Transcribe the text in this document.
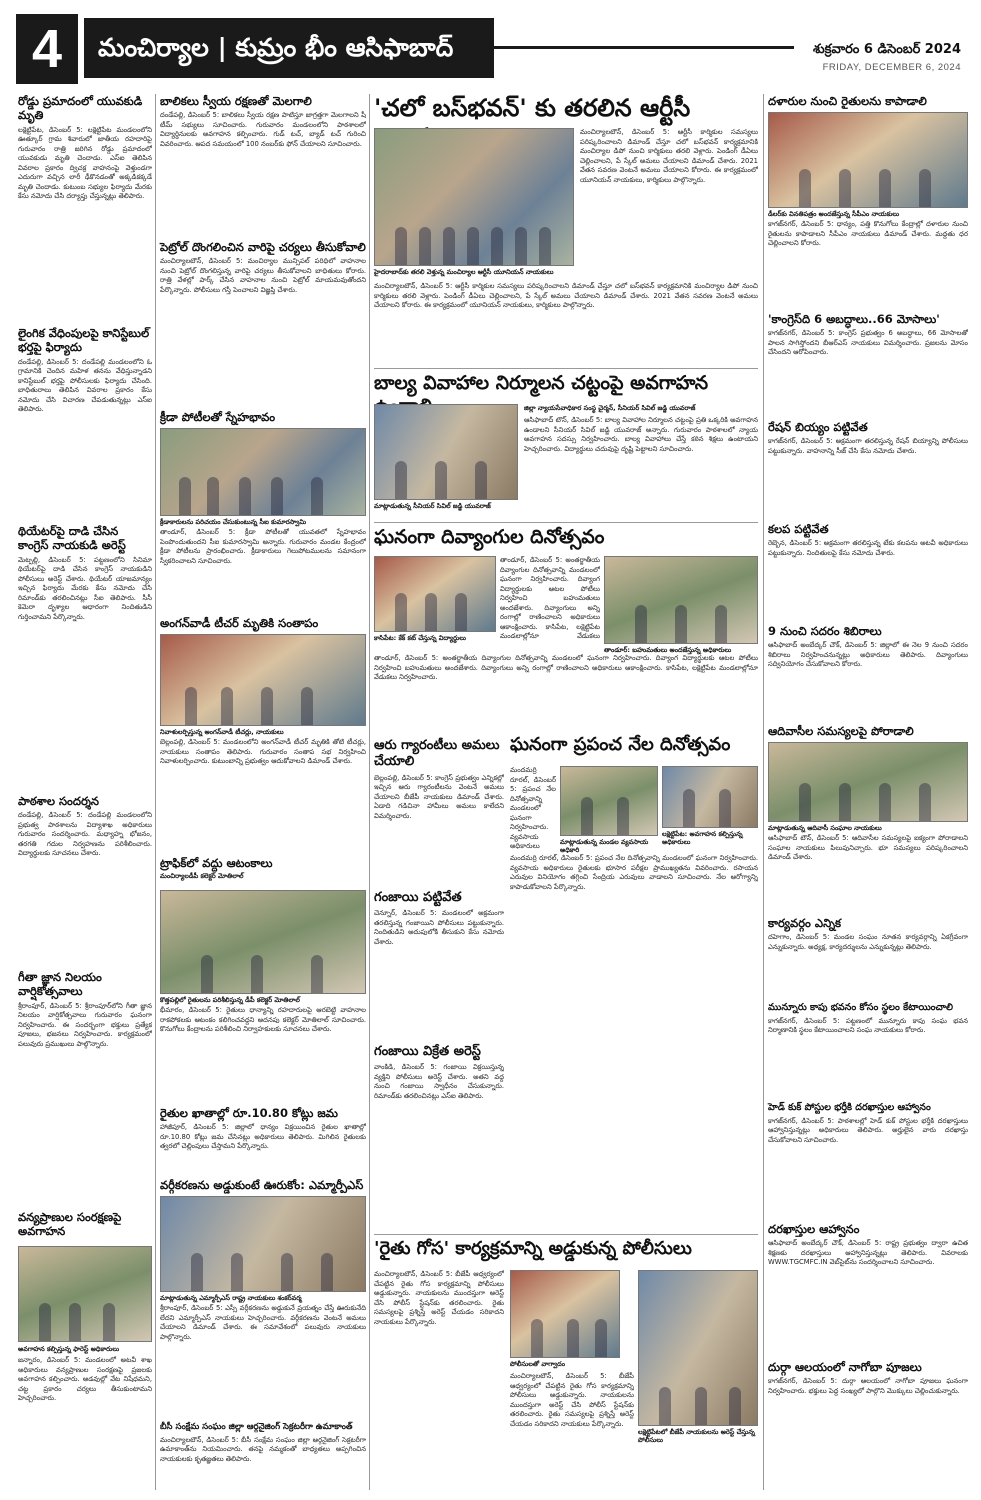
4	మంచిర్యాల | కుమ్రం భీం ఆసిఫాబాద్	శుక్రవారం 6 డిసెంబర్ 2024
FRIDAY, DECEMBER 6, 2024
రోడ్డు ప్రమాదంలో యువకుడి మృతి
లక్షెట్టిపేట, డిసెంబర్ 5: లక్షెట్టిపేట మండలంలోని ఊత్కూర్ గ్రామ శివారులో జాతీయ రహదారిపై గురువారం రాత్రి జరిగిన రోడ్డు ప్రమాదంలో యువకుడు మృతి చెందాడు. ఎస్ఐ తెలిపిన వివరాల ప్రకారం ద్విచక్ర వాహనంపై వెళ్తుండగా ఎదురుగా వచ్చిన లారీ ఢీకొనడంతో అక్కడికక్కడే మృతి చెందాడు. కుటుంబ సభ్యుల ఫిర్యాదు మేరకు కేసు నమోదు చేసి దర్యాప్తు చేస్తున్నట్లు తెలిపారు.
లైంగిక వేధింపులపై కానిస్టేబుల్ భర్తపై ఫిర్యాదు
దండేపల్లి, డిసెంబర్ 5: దండేపల్లి మండలంలోని ఓ గ్రామానికి చెందిన మహిళ తనను వేధిస్తున్నాడని కానిస్టేబుల్ భర్తపై పోలీసులకు ఫిర్యాదు చేసింది. బాధితురాలు తెలిపిన వివరాల ప్రకారం కేసు నమోదు చేసి విచారణ చేపడుతున్నట్లు ఎస్ఐ తెలిపారు.
థియేటర్‌పై దాడి చేసిన కాంగ్రెస్ నాయకుడి అరెస్ట్
మెట్పల్లి, డిసెంబర్ 5: పట్టణంలోని సినిమా థియేటర్‌పై దాడి చేసిన కాంగ్రెస్ నాయకుడిని పోలీసులు అరెస్ట్ చేశారు. థియేటర్ యాజమాన్యం ఇచ్చిన ఫిర్యాదు మేరకు కేసు నమోదు చేసి రిమాండ్‌కు తరలించినట్లు సీఐ తెలిపారు. సీసీ కెమెరా దృశ్యాల ఆధారంగా నిందితుడిని గుర్తించామని పేర్కొన్నారు.
పాఠశాల సందర్శన
దండేపల్లి, డిసెంబర్ 5: దండేపల్లి మండలంలోని ప్రభుత్వ పాఠశాలను విద్యాశాఖ అధికారులు గురువారం సందర్శించారు. మధ్యాహ్న భోజనం, తరగతి గదుల నిర్వహణను పరిశీలించారు. విద్యార్థులకు సూచనలు చేశారు.
గీతా జ్ఞాన నిలయం వార్షికోత్సవాలు
శ్రీరాంపూర్, డిసెంబర్ 5: శ్రీరాంపూర్‌లోని గీతా జ్ఞాన నిలయం వార్షికోత్సవాలు గురువారం ఘనంగా నిర్వహించారు. ఈ సందర్భంగా భక్తులు ప్రత్యేక పూజలు, భజనలు నిర్వహించారు. కార్యక్రమంలో పలువురు ప్రముఖులు పాల్గొన్నారు.
వన్యప్రాణుల సంరక్షణపై అవగాహన
అవగాహన కల్పిస్తున్న ఫారెస్ట్ అధికారులు
జన్నారం, డిసెంబర్ 5: మండలంలో అటవీ శాఖ అధికారులు వన్యప్రాణుల సంరక్షణపై ప్రజలకు అవగాహన కల్పించారు. అడవుల్లో వేట నిషేధమని, చట్ట ప్రకారం చర్యలు తీసుకుంటామని హెచ్చరించారు.
బాలికలు స్వీయ రక్షణతో మెలగాలి
దండేపల్లి, డిసెంబర్ 5: బాలికలు స్వీయ రక్షణ పాటిస్తూ జాగ్రత్తగా మెలగాలని షీ టీమ్ సభ్యులు సూచించారు. గురువారం మండలంలోని పాఠశాలలో విద్యార్థినులకు అవగాహన కల్పించారు. గుడ్ టచ్, బ్యాడ్ టచ్ గురించి వివరించారు. ఆపద సమయంలో 100 నంబర్‌కు ఫోన్ చేయాలని సూచించారు.
పెట్రోల్ దొంగలించిన వారిపై చర్యలు తీసుకోవాలి
మంచిర్యాలటౌన్, డిసెంబర్ 5: మంచిర్యాల మున్సిపల్ పరిధిలో వాహనాల నుంచి పెట్రోల్ దొంగలిస్తున్న వారిపై చర్యలు తీసుకోవాలని బాధితులు కోరారు. రాత్రి వేళల్లో పార్క్ చేసిన వాహనాల నుంచి పెట్రోల్ మాయమవుతోందని పేర్కొన్నారు. పోలీసులు గస్తీ పెంచాలని విజ్ఞప్తి చేశారు.
క్రీడా పోటీలతో స్నేహభావం
క్రీడాకారులను పరిచయం చేసుకుంటున్న సీఐ కుమారస్వామి
తాండూర్, డిసెంబర్ 5: క్రీడా పోటీలతో యువతలో స్నేహభావం పెంపొందుతుందని సీఐ కుమారస్వామి అన్నారు. గురువారం మండల కేంద్రంలో క్రీడా పోటీలను ప్రారంభించారు. క్రీడాకారులు గెలుపోటములను సమానంగా స్వీకరించాలని సూచించారు.
అంగన్‌వాడీ టీచర్ మృతికి సంతాపం
నివాళులర్పిస్తున్న అంగన్‌వాడీ టీచర్లు, నాయకులు
బెల్లంపల్లి, డిసెంబర్ 5: మండలంలోని అంగన్‌వాడీ టీచర్ మృతికి తోటి టీచర్లు, నాయకులు సంతాపం తెలిపారు. గురువారం సంతాప సభ నిర్వహించి నివాళులర్పించారు. కుటుంబాన్ని ప్రభుత్వం ఆదుకోవాలని డిమాండ్ చేశారు.
ట్రాఫిక్‌లో వద్దు ఆటంకాలు
మంచిర్యాలడీపీ కలెక్టర్ మోతిలాల్
కొత్తపల్లిలో రైతులను పరిశీలిస్తున్న డీపీ కలెక్టర్ మోతిలాల్
భీమారం, డిసెంబర్ 5: రైతులు ధాన్యాన్ని రహదారులపై ఆరబెట్టి వాహనాల రాకపోకలకు ఆటంకం కలిగించవద్దని అదనపు కలెక్టర్ మోతిలాల్ సూచించారు. కొనుగోలు కేంద్రాలను పరిశీలించి నిర్వాహకులకు సూచనలు చేశారు.
రైతుల ఖాతాల్లో రూ.10.80 కోట్లు జమ
హాజీపూర్, డిసెంబర్ 5: జిల్లాలో ధాన్యం విక్రయించిన రైతుల ఖాతాల్లో రూ.10.80 కోట్లు జమ చేసినట్లు అధికారులు తెలిపారు. మిగిలిన రైతులకు త్వరలో చెల్లింపులు చేస్తామని పేర్కొన్నారు.
వర్గీకరణను అడ్డుకుంటే ఊరుకోం: ఎమ్మార్పీఎస్
మాట్లాడుతున్న ఎమ్మార్పీఎస్ రాష్ట్ర నాయకులు శంకర్‌వర్మ
శ్రీరాంపూర్, డిసెంబర్ 5: ఎస్సీ వర్గీకరణను అడ్డుకునే ప్రయత్నం చేస్తే ఊరుకునేది లేదని ఎమ్మార్పీఎస్ నాయకులు హెచ్చరించారు. వర్గీకరణను వెంటనే అమలు చేయాలని డిమాండ్ చేశారు. ఈ సమావేశంలో పలువురు నాయకులు పాల్గొన్నారు.
బీసీ సంక్షేమ సంఘం జిల్లా ఆర్గనైజింగ్ సెక్రటరీగా ఉమాకాంత్
మంచిర్యాలటౌన్, డిసెంబర్ 5: బీసీ సంక్షేమ సంఘం జిల్లా ఆర్గనైజింగ్ సెక్రటరీగా ఉమాకాంత్‌ను నియమించారు. తనపై నమ్మకంతో బాధ్యతలు అప్పగించిన నాయకులకు కృతజ్ఞతలు తెలిపారు.
'చలో బస్‌భవన్' కు తరలిన ఆర్టీసీ
హైదరాబాద్‌కు తరలి వెళ్తున్న మంచిర్యాల ఆర్టీసీ యూనియన్ నాయకులు
మంచిర్యాలటౌన్, డిసెంబర్ 5: ఆర్టీసీ కార్మికుల సమస్యలు పరిష్కరించాలని డిమాండ్ చేస్తూ చలో బస్‌భవన్ కార్యక్రమానికి మంచిర్యాల డిపో నుంచి కార్మికులు తరలి వెళ్లారు. పెండింగ్ డీఏలు చెల్లించాలని, పే స్కేల్ అమలు చేయాలని డిమాండ్ చేశారు. 2021 వేతన సవరణ వెంటనే అమలు చేయాలని కోరారు. ఈ కార్యక్రమంలో యూనియన్ నాయకులు, కార్మికులు పాల్గొన్నారు.
మంచిర్యాలటౌన్, డిసెంబర్ 5: ఆర్టీసీ కార్మికుల సమస్యలు పరిష్కరించాలని డిమాండ్ చేస్తూ చలో బస్‌భవన్ కార్యక్రమానికి మంచిర్యాల డిపో నుంచి కార్మికులు తరలి వెళ్లారు. పెండింగ్ డీఏలు చెల్లించాలని, పే స్కేల్ అమలు చేయాలని డిమాండ్ చేశారు. 2021 వేతన సవరణ వెంటనే అమలు చేయాలని కోరారు. ఈ కార్యక్రమంలో యూనియన్ నాయకులు, కార్మికులు పాల్గొన్నారు.
బాల్య వివాహాల నిర్మూలన చట్టంపై అవగాహన
మాట్లాడుతున్న సీనియర్ సివిల్ జడ్జి యువరాజ్
జిల్లా న్యాయసేవాధికార సంస్థ చైర్మన్, సీనియర్ సివిల్ జడ్జి యువరాజ్
ఆసిఫాబాద్ టౌన్, డిసెంబర్ 5: బాల్య వివాహాల నిర్మూలన చట్టంపై ప్రతి ఒక్కరికి అవగాహన ఉండాలని సీనియర్ సివిల్ జడ్జి యువరాజ్ అన్నారు. గురువారం పాఠశాలలో న్యాయ అవగాహన సదస్సు నిర్వహించారు. బాల్య వివాహాలు చేస్తే కఠిన శిక్షలు ఉంటాయని హెచ్చరించారు. విద్యార్థులు చదువుపై దృష్టి పెట్టాలని సూచించారు.
ఘనంగా దివ్యాంగుల దినోత్సవం
కాసిపేట: కేక్ కట్ చేస్తున్న విద్యార్థులు
తాండూర్: బహుమతులు అందజేస్తున్న అధికారులు
తాండూర్, డిసెంబర్ 5: అంతర్జాతీయ దివ్యాంగుల దినోత్సవాన్ని మండలంలో ఘనంగా నిర్వహించారు. దివ్యాంగ విద్యార్థులకు ఆటల పోటీలు నిర్వహించి బహుమతులు అందజేశారు. దివ్యాంగులు అన్ని రంగాల్లో రాణించాలని అధికారులు ఆకాంక్షించారు. కాసిపేట, లక్షెట్టిపేట మండలాల్లోనూ వేడుకలు
తాండూర్, డిసెంబర్ 5: అంతర్జాతీయ దివ్యాంగుల దినోత్సవాన్ని మండలంలో ఘనంగా నిర్వహించారు. దివ్యాంగ విద్యార్థులకు ఆటల పోటీలు నిర్వహించి బహుమతులు అందజేశారు. దివ్యాంగులు అన్ని రంగాల్లో రాణించాలని అధికారులు ఆకాంక్షించారు. కాసిపేట, లక్షెట్టిపేట మండలాల్లోనూ వేడుకలు నిర్వహించారు.
ఆరు గ్యారంటీలు అమలు చేయాలి
బెల్లంపల్లి, డిసెంబర్ 5: కాంగ్రెస్ ప్రభుత్వం ఎన్నికల్లో ఇచ్చిన ఆరు గ్యారంటీలను వెంటనే అమలు చేయాలని బీజేపీ నాయకులు డిమాండ్ చేశారు. ఏడాది గడిచినా హామీలు అమలు కాలేదని విమర్శించారు.
గంజాయి పట్టివేత
చెన్నూర్, డిసెంబర్ 5: మండలంలో అక్రమంగా తరలిస్తున్న గంజాయిని పోలీసులు పట్టుకున్నారు. నిందితుడిని అదుపులోకి తీసుకుని కేసు నమోదు చేశారు.
గంజాయి విక్రేత అరెస్ట్
వాంకిడి, డిసెంబర్ 5: గంజాయి విక్రయిస్తున్న వ్యక్తిని పోలీసులు అరెస్ట్ చేశారు. అతని వద్ద నుంచి గంజాయి స్వాధీనం చేసుకున్నారు. రిమాండ్‌కు తరలించినట్లు ఎస్ఐ తెలిపారు.
ఘనంగా ప్రపంచ నేల దినోత్సవం
మాట్లాడుతున్న మండల వ్యవసాయ అధికారి
లక్షెట్టిపేట: అవగాహన కల్పిస్తున్న అధికారులు
మందమర్రి రూరల్, డిసెంబర్ 5: ప్రపంచ నేల దినోత్సవాన్ని మండలంలో ఘనంగా నిర్వహించారు. వ్యవసాయ అధికారులు
మందమర్రి రూరల్, డిసెంబర్ 5: ప్రపంచ నేల దినోత్సవాన్ని మండలంలో ఘనంగా నిర్వహించారు. వ్యవసాయ అధికారులు రైతులకు భూసార పరీక్షల ప్రాముఖ్యతను వివరించారు. రసాయన ఎరువుల వినియోగం తగ్గించి సేంద్రియ ఎరువులు వాడాలని సూచించారు. నేల ఆరోగ్యాన్ని కాపాడుకోవాలని పేర్కొన్నారు.
'రైతు గోస' కార్యక్రమాన్ని అడ్డుకున్న పోలీసులు
పోలీసులతో వాగ్వాదం
లక్షెట్టిపేటలో బీజేపీ నాయకులను అరెస్ట్ చేస్తున్న పోలీసులు
మంచిర్యాలటౌన్, డిసెంబర్ 5: బీజేపీ ఆధ్వర్యంలో చేపట్టిన రైతు గోస కార్యక్రమాన్ని పోలీసులు అడ్డుకున్నారు. నాయకులను ముందస్తుగా అరెస్ట్ చేసి పోలీస్ స్టేషన్‌కు తరలించారు. రైతు సమస్యలపై ప్రశ్నిస్తే అరెస్ట్ చేయడం సరికాదని నాయకులు పేర్కొన్నారు.
మంచిర్యాలటౌన్, డిసెంబర్ 5: బీజేపీ ఆధ్వర్యంలో చేపట్టిన రైతు గోస కార్యక్రమాన్ని పోలీసులు అడ్డుకున్నారు. నాయకులను ముందస్తుగా అరెస్ట్ చేసి పోలీస్ స్టేషన్‌కు తరలించారు. రైతు సమస్యలపై ప్రశ్నిస్తే అరెస్ట్ చేయడం సరికాదని నాయకులు పేర్కొన్నారు.
దళారుల నుంచి రైతులను కాపాడాలి
డీలర్‌కు వినతిపత్రం అందజేస్తున్న సీపీఎం నాయకులు
కాగజ్‌నగర్, డిసెంబర్ 5: ధాన్యం, పత్తి కొనుగోలు కేంద్రాల్లో దళారుల నుంచి రైతులను కాపాడాలని సీపీఎం నాయకులు డిమాండ్ చేశారు. మద్దతు ధర చెల్లించాలని కోరారు.
'కాంగ్రెస్‌ది 6 అబద్ధాలు..66 మోసాలు'
కాగజ్‌నగర్, డిసెంబర్ 5: కాంగ్రెస్ ప్రభుత్వం 6 అబద్ధాలు, 66 మోసాలతో పాలన సాగిస్తోందని బీఆర్ఎస్ నాయకులు విమర్శించారు. ప్రజలను మోసం చేసిందని ఆరోపించారు.
రేషన్ బియ్యం పట్టివేత
కాగజ్‌నగర్, డిసెంబర్ 5: అక్రమంగా తరలిస్తున్న రేషన్ బియ్యాన్ని పోలీసులు పట్టుకున్నారు. వాహనాన్ని సీజ్ చేసి కేసు నమోదు చేశారు.
కలప పట్టివేత
రెబ్బెన, డిసెంబర్ 5: అక్రమంగా తరలిస్తున్న టేకు కలపను అటవీ అధికారులు పట్టుకున్నారు. నిందితులపై కేసు నమోదు చేశారు.
9 నుంచి సదరం శిబిరాలు
ఆసిఫాబాద్ అంబేద్కర్ చౌక్, డిసెంబర్ 5: జిల్లాలో ఈ నెల 9 నుంచి సదరం శిబిరాలు నిర్వహించనున్నట్లు అధికారులు తెలిపారు. దివ్యాంగులు సద్వినియోగం చేసుకోవాలని కోరారు.
ఆదివాసీల సమస్యలపై పోరాడాలి
మాట్లాడుతున్న ఆదివాసీ సంఘాల నాయకులు
ఆసిఫాబాద్ టౌన్, డిసెంబర్ 5: ఆదివాసీల సమస్యలపై ఐక్యంగా పోరాడాలని సంఘాల నాయకులు పిలుపునిచ్చారు. భూ సమస్యలు పరిష్కరించాలని డిమాండ్ చేశారు.
కార్యవర్గం ఎన్నిక
దహెగాం, డిసెంబర్ 5: మండల సంఘం నూతన కార్యవర్గాన్ని ఏకగ్రీవంగా ఎన్నుకున్నారు. అధ్యక్ష, కార్యదర్శులను ఎన్నుకున్నట్లు తెలిపారు.
మున్నూరు కాపు భవనం కోసం స్థలం కేటాయించాలి
కాగజ్‌నగర్, డిసెంబర్ 5: పట్టణంలో మున్నూరు కాపు సంఘ భవన నిర్మాణానికి స్థలం కేటాయించాలని సంఘ నాయకులు కోరారు.
హెడ్ కుక్ పోస్టుల భర్తీకి దరఖాస్తుల ఆహ్వానం
కాగజ్‌నగర్, డిసెంబర్ 5: పాఠశాలల్లో హెడ్ కుక్ పోస్టుల భర్తీకి దరఖాస్తులు ఆహ్వానిస్తున్నట్లు అధికారులు తెలిపారు. అర్హులైన వారు దరఖాస్తు చేసుకోవాలని సూచించారు.
దరఖాస్తుల ఆహ్వానం
ఆసిఫాబాద్ అంబేద్కర్ చౌక్, డిసెంబర్ 5: రాష్ట్ర ప్రభుత్వం ద్వారా ఉచిత శిక్షణకు దరఖాస్తులు ఆహ్వానిస్తున్నట్లు తెలిపారు. వివరాలకు WWW.TGCMFC.IN వెబ్‌సైట్‌ను సందర్శించాలని సూచించారు.
దుర్గా ఆలయంలో నాగోబా పూజలు
కాగజ్‌నగర్, డిసెంబర్ 5: దుర్గా ఆలయంలో నాగోబా పూజలు ఘనంగా నిర్వహించారు. భక్తులు పెద్ద సంఖ్యలో పాల్గొని మొక్కులు చెల్లించుకున్నారు.
